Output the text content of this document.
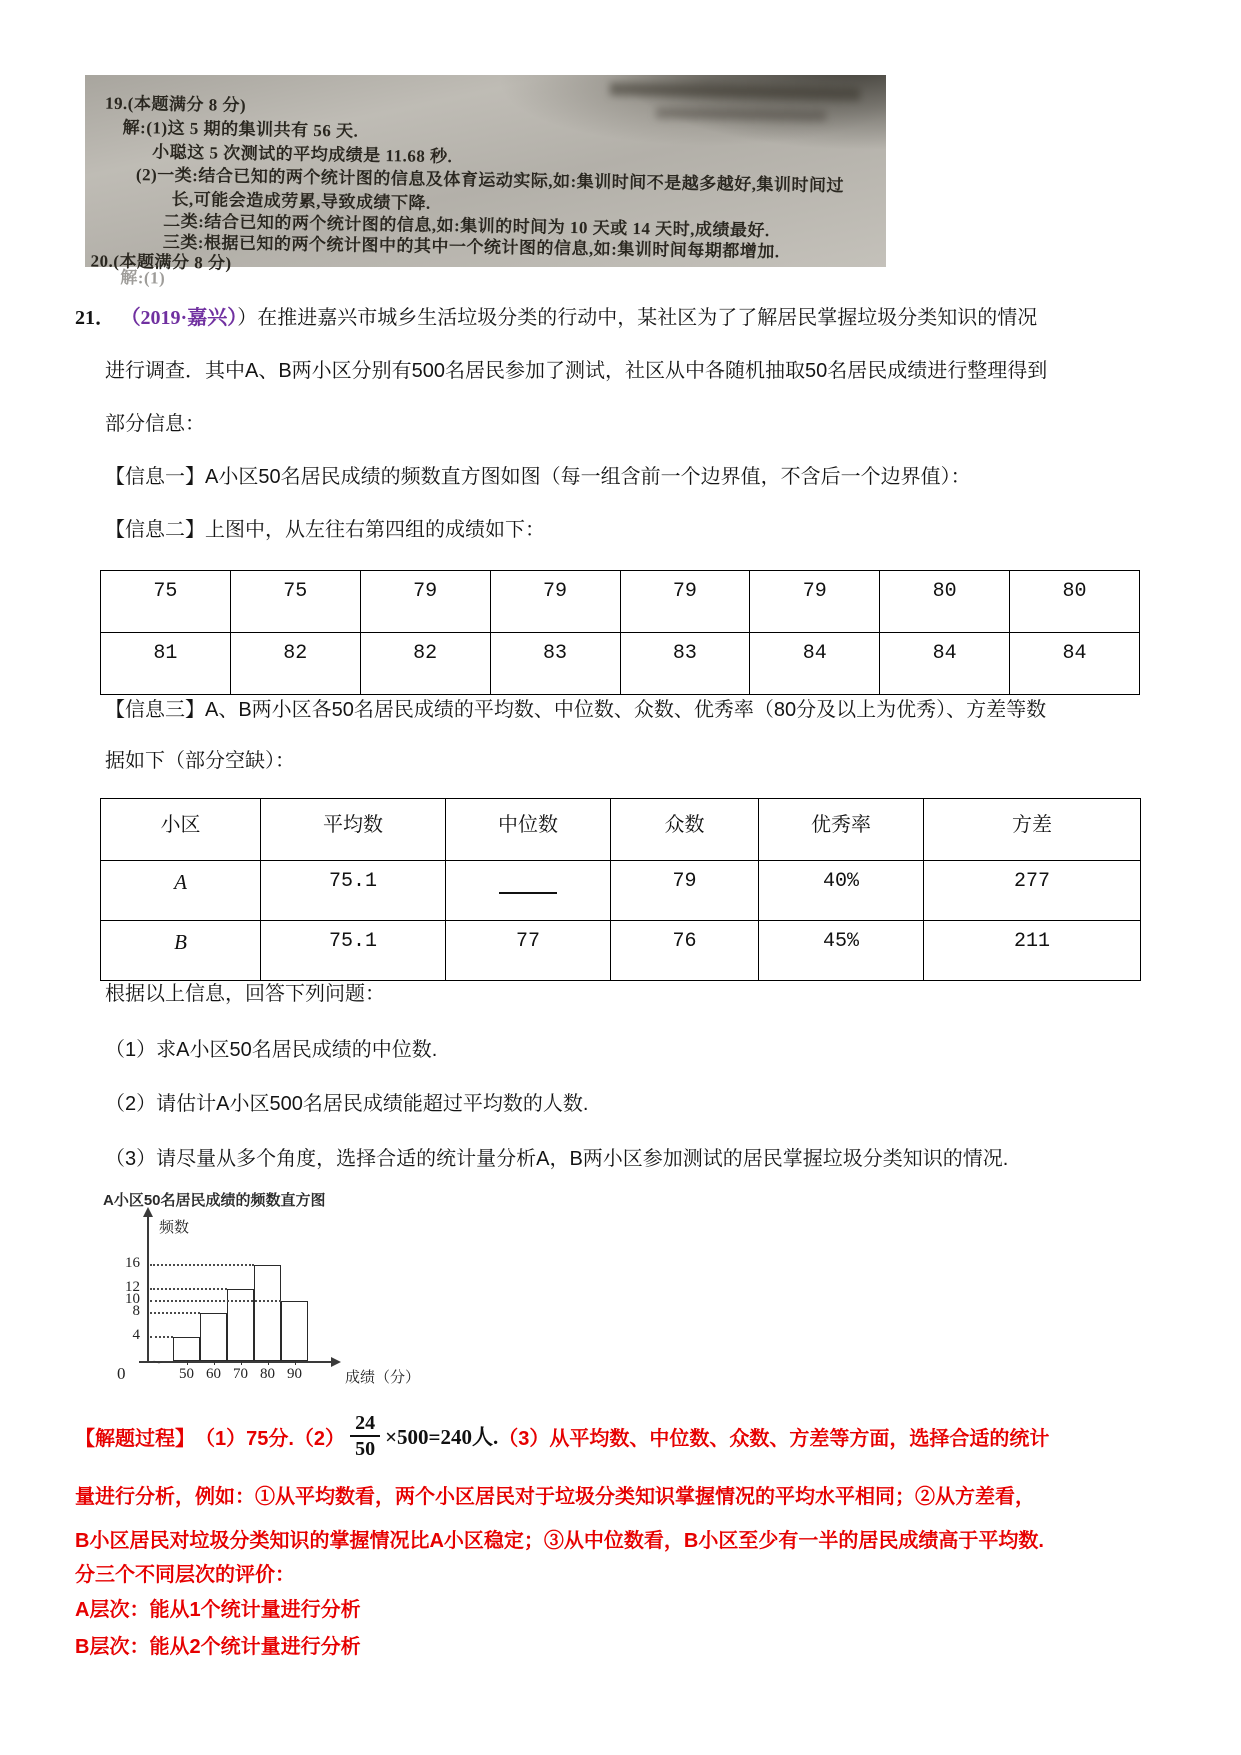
19.(本题满分 8 分)
解:(1)这 5 期的集训共有 56 天.
小聪这 5 次测试的平均成绩是 11.68 秒.
(2)一类:结合已知的两个统计图的信息及体育运动实际,如:集训时间不是越多越好,集训时间过
长,可能会造成劳累,导致成绩下降.
二类:结合已知的两个统计图的信息,如:集训的时间为 10 天或 14 天时,成绩最好.
三类:根据已知的两个统计图中的其中一个统计图的信息,如:集训时间每期都增加.
20.(本题满分 8 分)
解:(1)
21． （2019·嘉兴））在推进嘉兴市城乡生活垃圾分类的行动中，某社区为了了解居民掌握垃圾分类知识的情况
进行调查．其中A、B两小区分别有500名居民参加了测试，社区从中各随机抽取50名居民成绩进行整理得到
部分信息：
【信息一】A小区50名居民成绩的频数直方图如图（每一组含前一个边界值，不含后一个边界值）：
【信息二】上图中，从左往右第四组的成绩如下：
75	75	79	79	79	79	80	80
81	82	82	83	83	84	84	84
【信息三】A、B两小区各50名居民成绩的平均数、中位数、众数、优秀率（80分及以上为优秀）、方差等数
据如下（部分空缺）：
小区	平均数	中位数	众数	优秀率	方差
A	75.1		79	40%	277
B	75.1	77	76	45%	211
根据以上信息，回答下列问题：
（1）求A小区50名居民成绩的中位数.
（2）请估计A小区500名居民成绩能超过平均数的人数.
（3）请尽量从多个角度，选择合适的统计量分析A，B两小区参加测试的居民掌握垃圾分类知识的情况.
A小区50名居民成绩的频数直方图
频数
成绩（分）
0
〜
4
8
10
12
16
50 60 70 80 90
【解题过程】 （1）75分$.(2) \frac{24}{50} \times 500=240$人. （3）从平均数、中位数、众数、方差等方面，选择合适的统计
量进行分析，例如：①从平均数看，两个小区居民对于垃圾分类知识掌握情况的平均水平相同；②从方差看，
B小区居民对垃圾分类知识的掌握情况比A小区稳定；③从中位数看，B小区至少有一半的居民成绩高于平均数.
分三个不同层次的评价：
A层次：能从1个统计量进行分析
B层次：能从2个统计量进行分析
